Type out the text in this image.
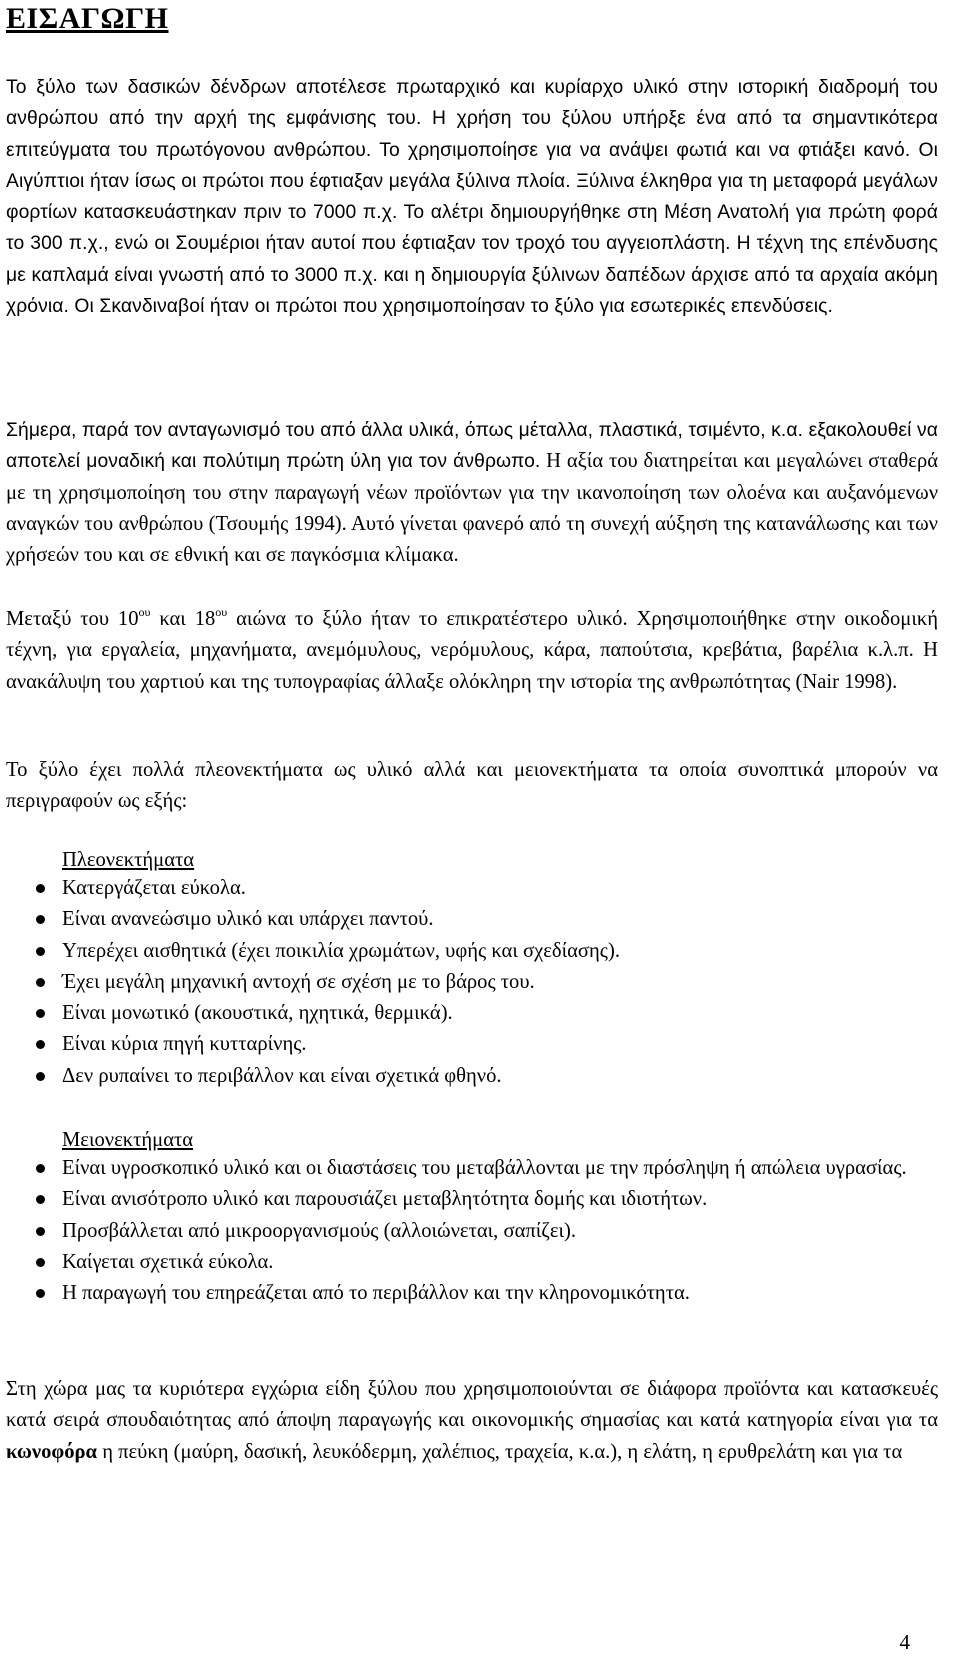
ΕΙΣΑΓΩΓΗ

Το ξύλο των δασικών δένδρων αποτέλεσε πρωταρχικό και κυρίαρχο υλικό στην ιστορική διαδρομή του ανθρώπου από την αρχή της εμφάνισης του. Η χρήση του ξύλου υπήρξε ένα από τα σημαντικότερα επιτεύγματα του πρωτόγονου ανθρώπου. Το χρησιμοποίησε για να ανάψει φωτιά και να φτιάξει κανό. Οι Αιγύπτιοι ήταν ίσως οι πρώτοι που έφτιαξαν μεγάλα ξύλινα πλοία. Ξύλινα έλκηθρα για τη μεταφορά μεγάλων φορτίων κατασκευάστηκαν πριν το 7000 π.χ. Το αλέτρι δημιουργήθηκε στη Μέση Ανατολή για πρώτη φορά το 300 π.χ., ενώ οι Σουμέριοι ήταν αυτοί που έφτιαξαν τον τροχό του αγγειοπλάστη. Η τέχνη της επένδυσης με καπλαμά είναι γνωστή από το 3000 π.χ. και η δημιουργία ξύλινων δαπέδων άρχισε από τα αρχαία ακόμη χρόνια. Οι Σκανδιναβοί ήταν οι πρώτοι που χρησιμοποίησαν το ξύλο για εσωτερικές επενδύσεις.

Σήμερα, παρά τον ανταγωνισμό του από άλλα υλικά, όπως μέταλλα, πλαστικά, τσιμέντο, κ.α. εξακολουθεί να αποτελεί μοναδική και πολύτιμη πρώτη ύλη για τον άνθρωπο. Η αξία του διατηρείται και μεγαλώνει σταθερά με τη χρησιμοποίηση του στην παραγωγή νέων προϊόντων για την ικανοποίηση των ολοένα και αυξανόμενων αναγκών του ανθρώπου (Τσουμής 1994). Αυτό γίνεται φανερό από τη συνεχή αύξηση της κατανάλωσης και των χρήσεών του και σε εθνική και σε παγκόσμια κλίμακα.

Μεταξύ του $10^{o\upsilon}$ και $18^{o\upsilon}$ αιώνα το ξύλο ήταν το επικρατέστερο υλικό. Χρησιμοποιήθηκε στην οικοδομική τέχνη, για εργαλεία, μηχανήματα, ανεμόμυλους, νερόμυλους, κάρα, παπούτσια, κρεβάτια, βαρέλια κ.λ.π. Η ανακάλυψη του χαρτιού και της τυπογραφίας άλλαξε ολόκληρη την ιστορία της ανθρωπότητας (Nair 1998).

Το ξύλο έχει πολλά πλεονεκτήματα ως υλικό αλλά και μειονεκτήματα τα οποία συνοπτικά μπορούν να περιγραφούν ως εξής:

Πλεονεκτήματα
Κατεργάζεται εύκολα.
Είναι ανανεώσιμο υλικό και υπάρχει παντού.
Υπερέχει αισθητικά (έχει ποικιλία χρωμάτων, υφής και σχεδίασης).
Έχει μεγάλη μηχανική αντοχή σε σχέση με το βάρος του.
Είναι μονωτικό (ακουστικά, ηχητικά, θερμικά).
Είναι κύρια πηγή κυτταρίνης.
Δεν ρυπαίνει το περιβάλλον και είναι σχετικά φθηνό.
Μειονεκτήματα
Είναι υγροσκοπικό υλικό και οι διαστάσεις του μεταβάλλονται με την πρόσληψη ή απώλεια υγρασίας.
Είναι ανισότροπο υλικό και παρουσιάζει μεταβλητότητα δομής και ιδιοτήτων.
Προσβάλλεται από μικροοργανισμούς (αλλοιώνεται, σαπίζει).
Καίγεται σχετικά εύκολα.
Η παραγωγή του επηρεάζεται από το περιβάλλον και την κληρονομικότητα.

Στη χώρα μας τα κυριότερα εγχώρια είδη ξύλου που χρησιμοποιούνται σε διάφορα προϊόντα και κατασκευές κατά σειρά σπουδαιότητας από άποψη παραγωγής και οικονομικής σημασίας και κατά κατηγορία είναι για τα κωνοφόρα η πεύκη (μαύρη, δασική, λευκόδερμη, χαλέπιος, τραχεία, κ.α.), η ελάτη, η ερυθρελάτη και για τα

4
